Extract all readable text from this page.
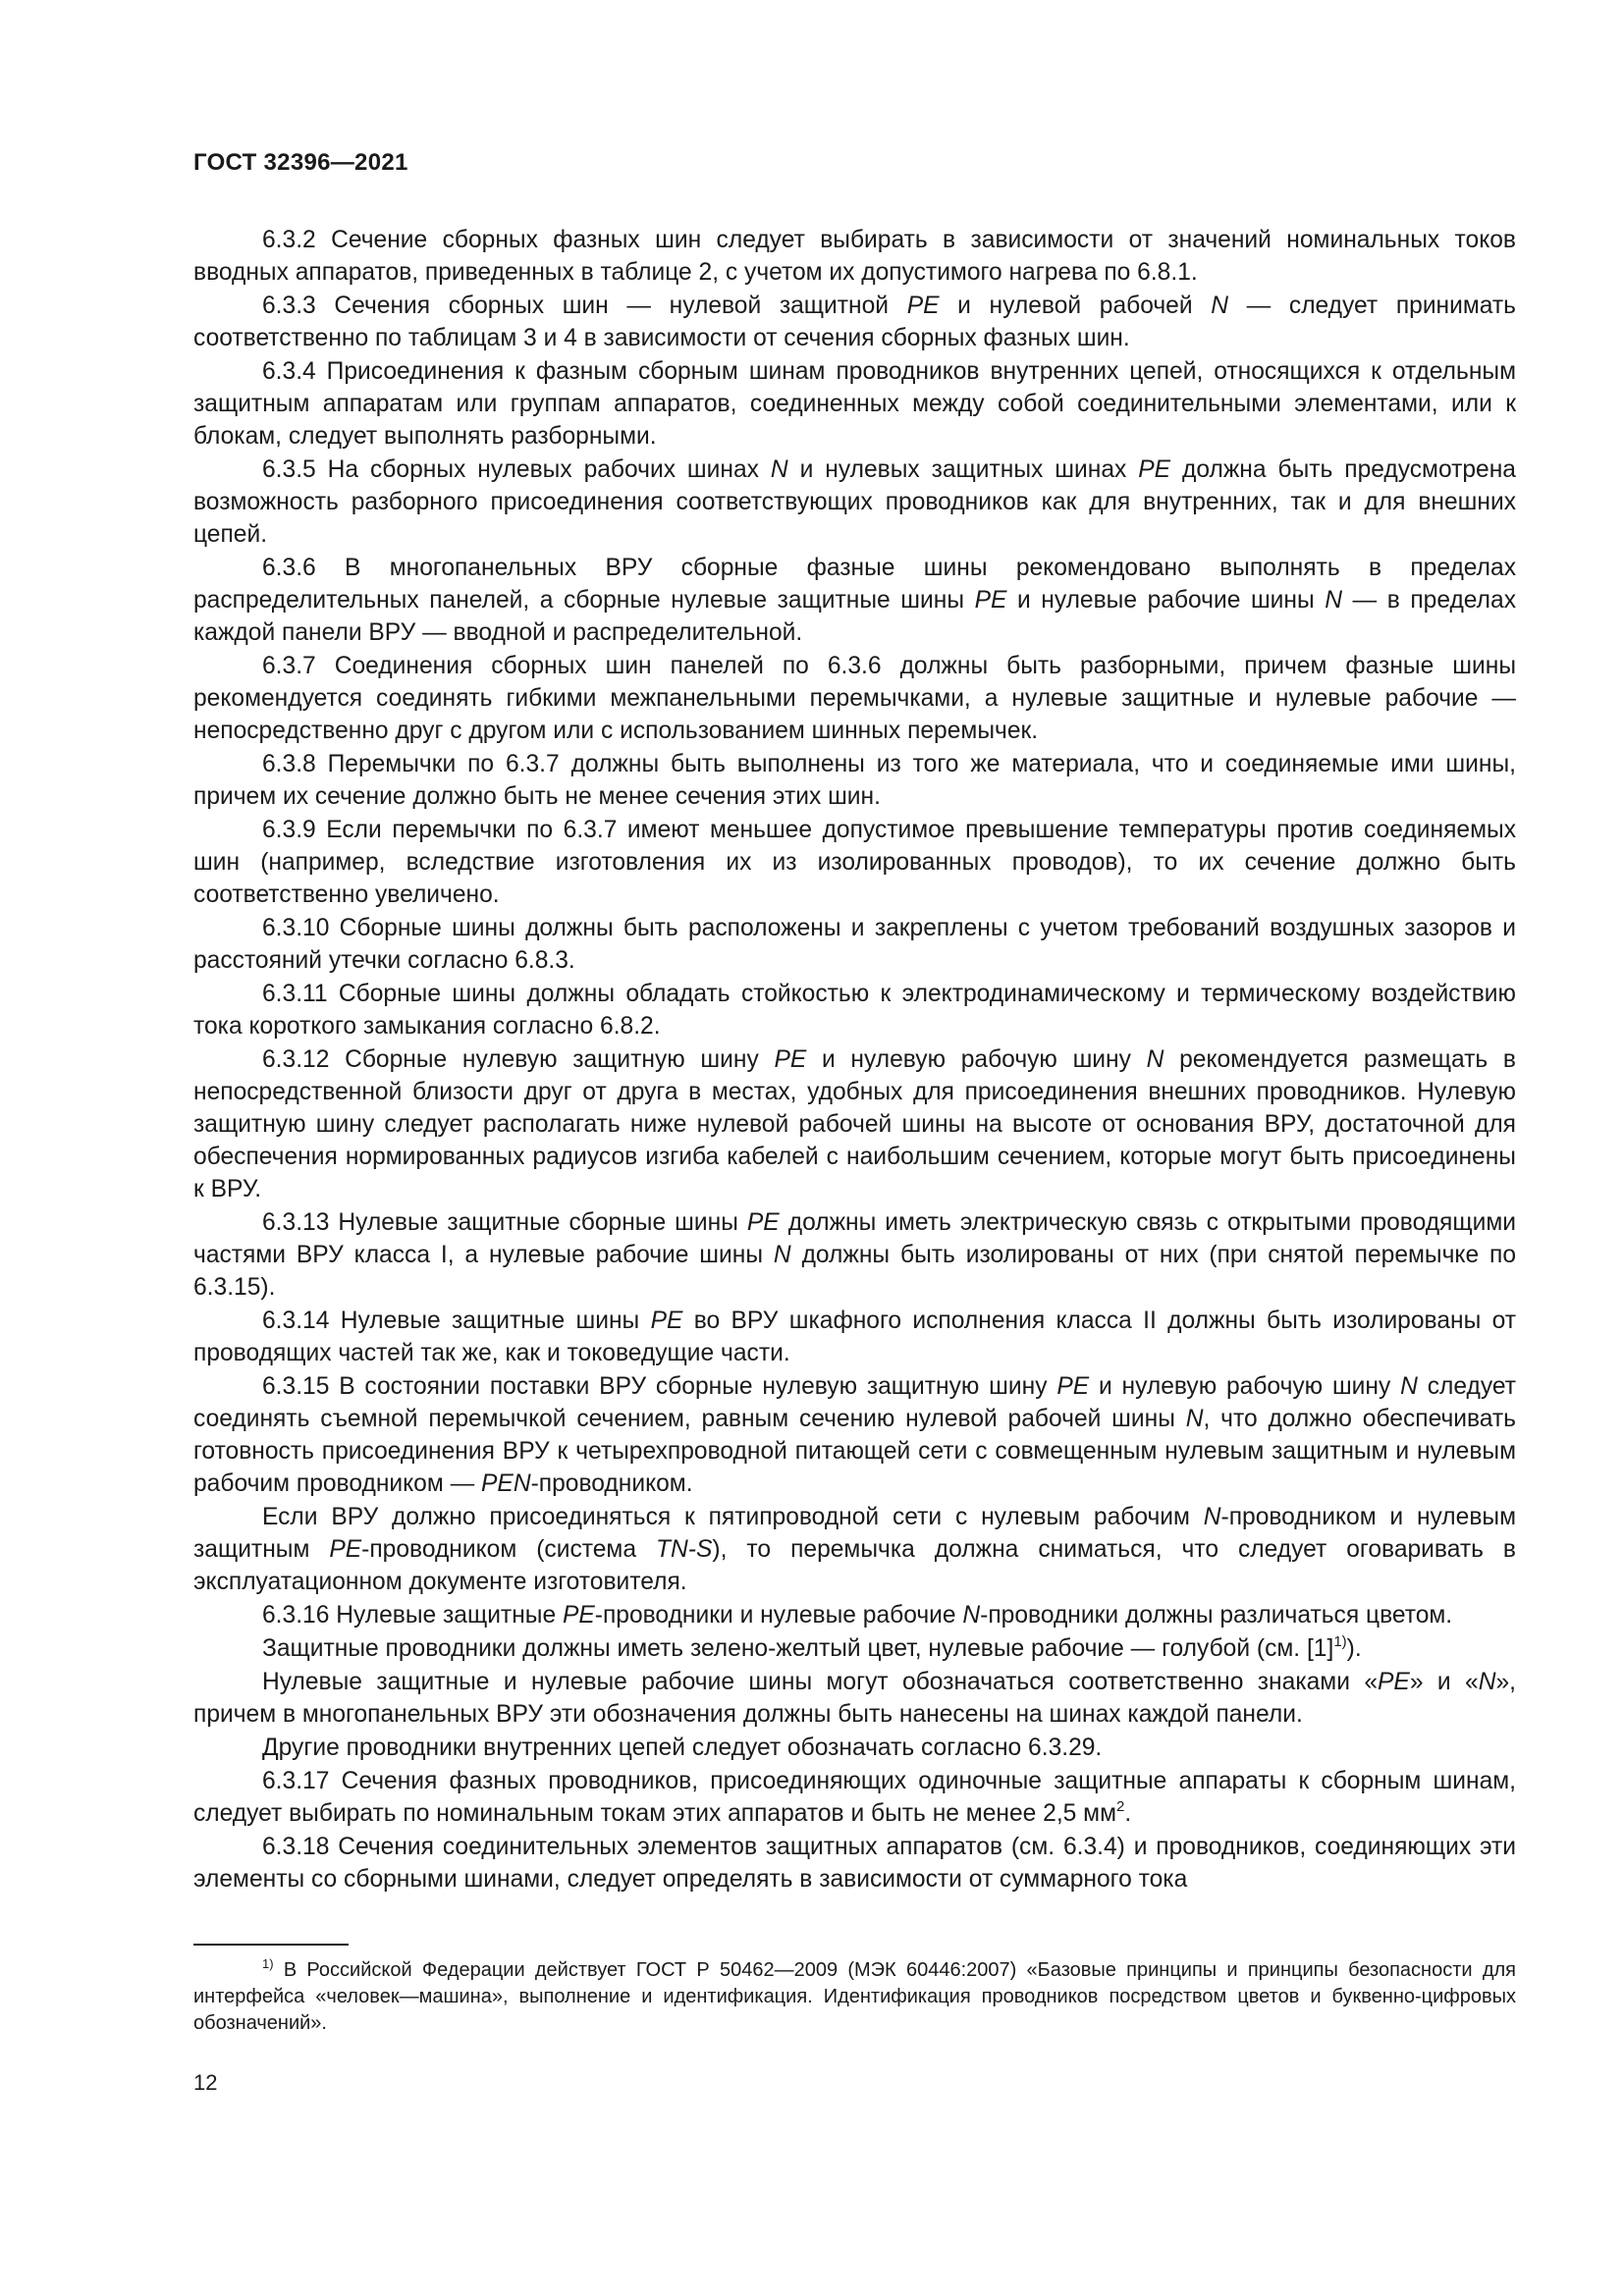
ГОСТ 32396—2021

6.3.2 Сечение сборных фазных шин следует выбирать в зависимости от значений номинальных токов вводных аппаратов, приведенных в таблице 2, с учетом их допустимого нагрева по 6.8.1.

6.3.3 Сечения сборных шин — нулевой защитной PE и нулевой рабочей N — следует принимать соответственно по таблицам 3 и 4 в зависимости от сечения сборных фазных шин.

6.3.4 Присоединения к фазным сборным шинам проводников внутренних цепей, относящихся к отдельным защитным аппаратам или группам аппаратов, соединенных между собой соединительными элементами, или к блокам, следует выполнять разборными.

6.3.5 На сборных нулевых рабочих шинах N и нулевых защитных шинах PE должна быть предусмотрена возможность разборного присоединения соответствующих проводников как для внутренних, так и для внешних цепей.

6.3.6 В многопанельных ВРУ сборные фазные шины рекомендовано выполнять в пределах распределительных панелей, а сборные нулевые защитные шины PE и нулевые рабочие шины N — в пределах каждой панели ВРУ — вводной и распределительной.

6.3.7 Соединения сборных шин панелей по 6.3.6 должны быть разборными, причем фазные шины рекомендуется соединять гибкими межпанельными перемычками, а нулевые защитные и нулевые рабочие — непосредственно друг с другом или с использованием шинных перемычек.

6.3.8 Перемычки по 6.3.7 должны быть выполнены из того же материала, что и соединяемые ими шины, причем их сечение должно быть не менее сечения этих шин.

6.3.9 Если перемычки по 6.3.7 имеют меньшее допустимое превышение температуры против соединяемых шин (например, вследствие изготовления их из изолированных проводов), то их сечение должно быть соответственно увеличено.

6.3.10 Сборные шины должны быть расположены и закреплены с учетом требований воздушных зазоров и расстояний утечки согласно 6.8.3.

6.3.11 Сборные шины должны обладать стойкостью к электродинамическому и термическому воздействию тока короткого замыкания согласно 6.8.2.

6.3.12 Сборные нулевую защитную шину PE и нулевую рабочую шину N рекомендуется размещать в непосредственной близости друг от друга в местах, удобных для присоединения внешних проводников. Нулевую защитную шину следует располагать ниже нулевой рабочей шины на высоте от основания ВРУ, достаточной для обеспечения нормированных радиусов изгиба кабелей с наибольшим сечением, которые могут быть присоединены к ВРУ.

6.3.13 Нулевые защитные сборные шины PE должны иметь электрическую связь с открытыми проводящими частями ВРУ класса I, а нулевые рабочие шины N должны быть изолированы от них (при снятой перемычке по 6.3.15).

6.3.14 Нулевые защитные шины PE во ВРУ шкафного исполнения класса II должны быть изолированы от проводящих частей так же, как и токоведущие части.

6.3.15 В состоянии поставки ВРУ сборные нулевую защитную шину PE и нулевую рабочую шину N следует соединять съемной перемычкой сечением, равным сечению нулевой рабочей шины N, что должно обеспечивать готовность присоединения ВРУ к четырехпроводной питающей сети с совмещенным нулевым защитным и нулевым рабочим проводником — PEN-проводником.

Если ВРУ должно присоединяться к пятипроводной сети с нулевым рабочим N-проводником и нулевым защитным PE-проводником (система TN-S), то перемычка должна сниматься, что следует оговаривать в эксплуатационном документе изготовителя.

6.3.16 Нулевые защитные PE-проводники и нулевые рабочие N-проводники должны различаться цветом.

Защитные проводники должны иметь зелено-желтый цвет, нулевые рабочие — голубой (см. [1]$^{1)}$).

Нулевые защитные и нулевые рабочие шины могут обозначаться соответственно знаками «PE» и «N», причем в многопанельных ВРУ эти обозначения должны быть нанесены на шинах каждой панели.

Другие проводники внутренних цепей следует обозначать согласно 6.3.29.

6.3.17 Сечения фазных проводников, присоединяющих одиночные защитные аппараты к сборным шинам, следует выбирать по номинальным токам этих аппаратов и быть не менее 2,5 мм$^2$.

6.3.18 Сечения соединительных элементов защитных аппаратов (см. 6.3.4) и проводников, соединяющих эти элементы со сборными шинами, следует определять в зависимости от суммарного тока

$^{1)}$ В Российской Федерации действует ГОСТ Р 50462—2009 (МЭК 60446:2007) «Базовые принципы и принципы безопасности для интерфейса «человек—машина», выполнение и идентификация. Идентификация проводников посредством цветов и буквенно-цифровых обозначений».
12
